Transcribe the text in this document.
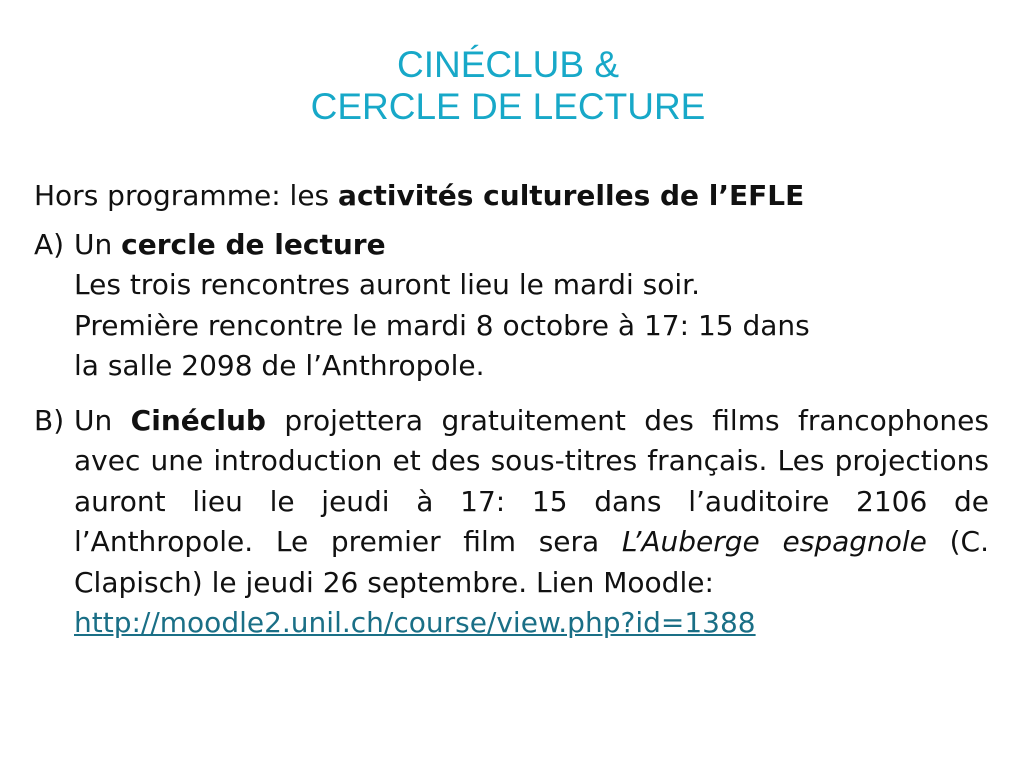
CINÉCLUB &
CERCLE DE LECTURE
Hors programme: les activités culturelles de l’EFLE
A) Un cercle de lecture
Les trois rencontres auront lieu le mardi soir.
Première rencontre le mardi 8 octobre à 17: 15 dans
la salle 2098 de l’Anthropole.
B) Un Cinéclub projettera gratuitement des films francophones avec une introduction et des sous-titres français. Les projections auront lieu le jeudi à 17: 15 dans l’auditoire 2106 de l’Anthropole. Le premier film sera L’Auberge espagnole (C. Clapisch) le jeudi 26 septembre. Lien Moodle:
http://moodle2.unil.ch/course/view.php?id=1388
